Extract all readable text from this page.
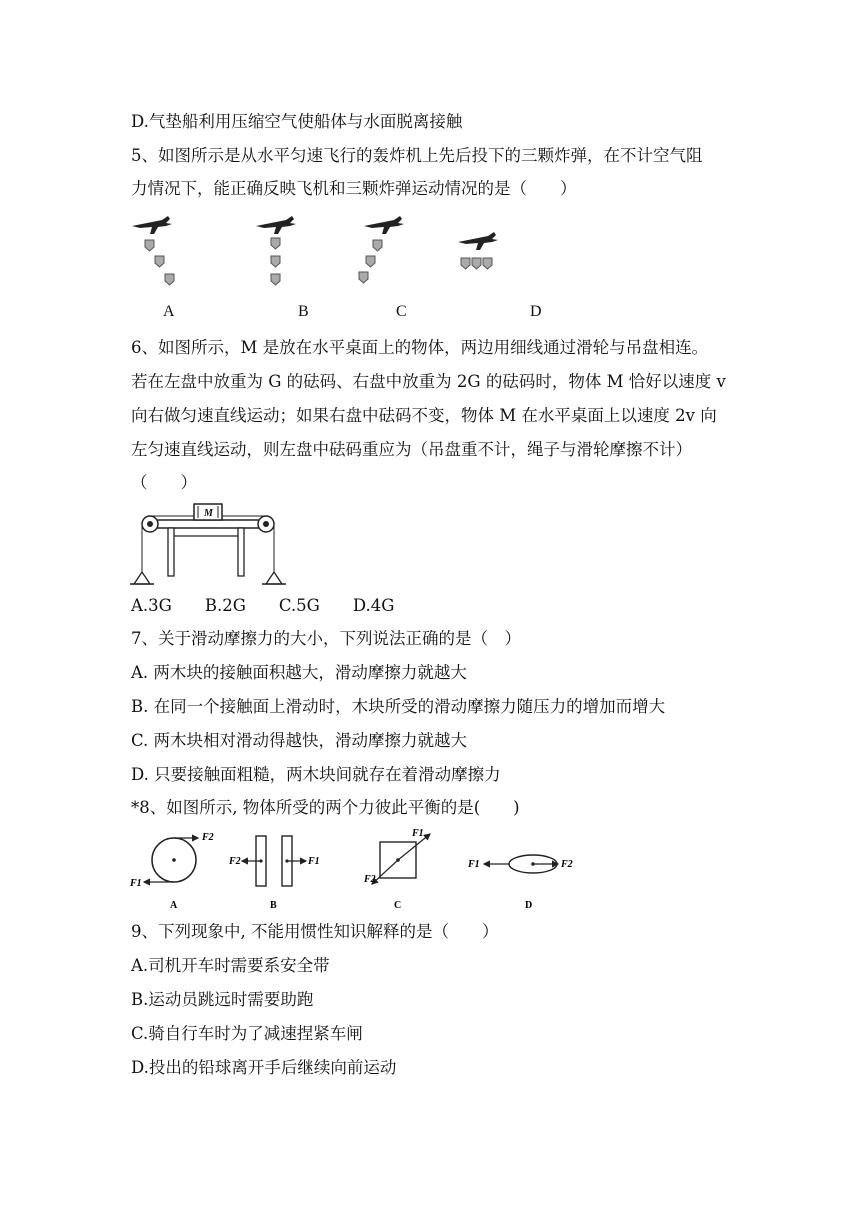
D.气垫船利用压缩空气使船体与水面脱离接触
5、如图所示是从水平匀速飞行的轰炸机上先后投下的三颗炸弹，在不计空气阻
力情况下，能正确反映飞机和三颗炸弹运动情况的是（　　）
A	B	C	D
6、如图所示，M 是放在水平桌面上的物体，两边用细线通过滑轮与吊盘相连。
若在左盘中放重为 G 的砝码、右盘中放重为 2G 的砝码时，物体 M 恰好以速度 v
向右做匀速直线运动；如果右盘中砝码不变，物体 M 在水平桌面上以速度 2v 向
左匀速直线运动，则左盘中砝码重应为（吊盘重不计，绳子与滑轮摩擦不计）
（　　）
M
A.3G　　B.2G　　C.5G　　D.4G
7、关于滑动摩擦力的大小，下列说法正确的是（　）
A. 两木块的接触面积越大，滑动摩擦力就越大
B. 在同一个接触面上滑动时，木块所受的滑动摩擦力随压力的增加而增大
C. 两木块相对滑动得越快，滑动摩擦力就越大
D. 只要接触面粗糙，两木块间就存在着滑动摩擦力
*8、如图所示, 物体所受的两个力彼此平衡的是(　　)
F2
F1
A
F2	F1
B
F1
F2
C
F1	F2
D
9、下列现象中, 不能用惯性知识解释的是（　　）
A.司机开车时需要系安全带
B.运动员跳远时需要助跑
C.骑自行车时为了减速捏紧车闸
D.投出的铅球离开手后继续向前运动
